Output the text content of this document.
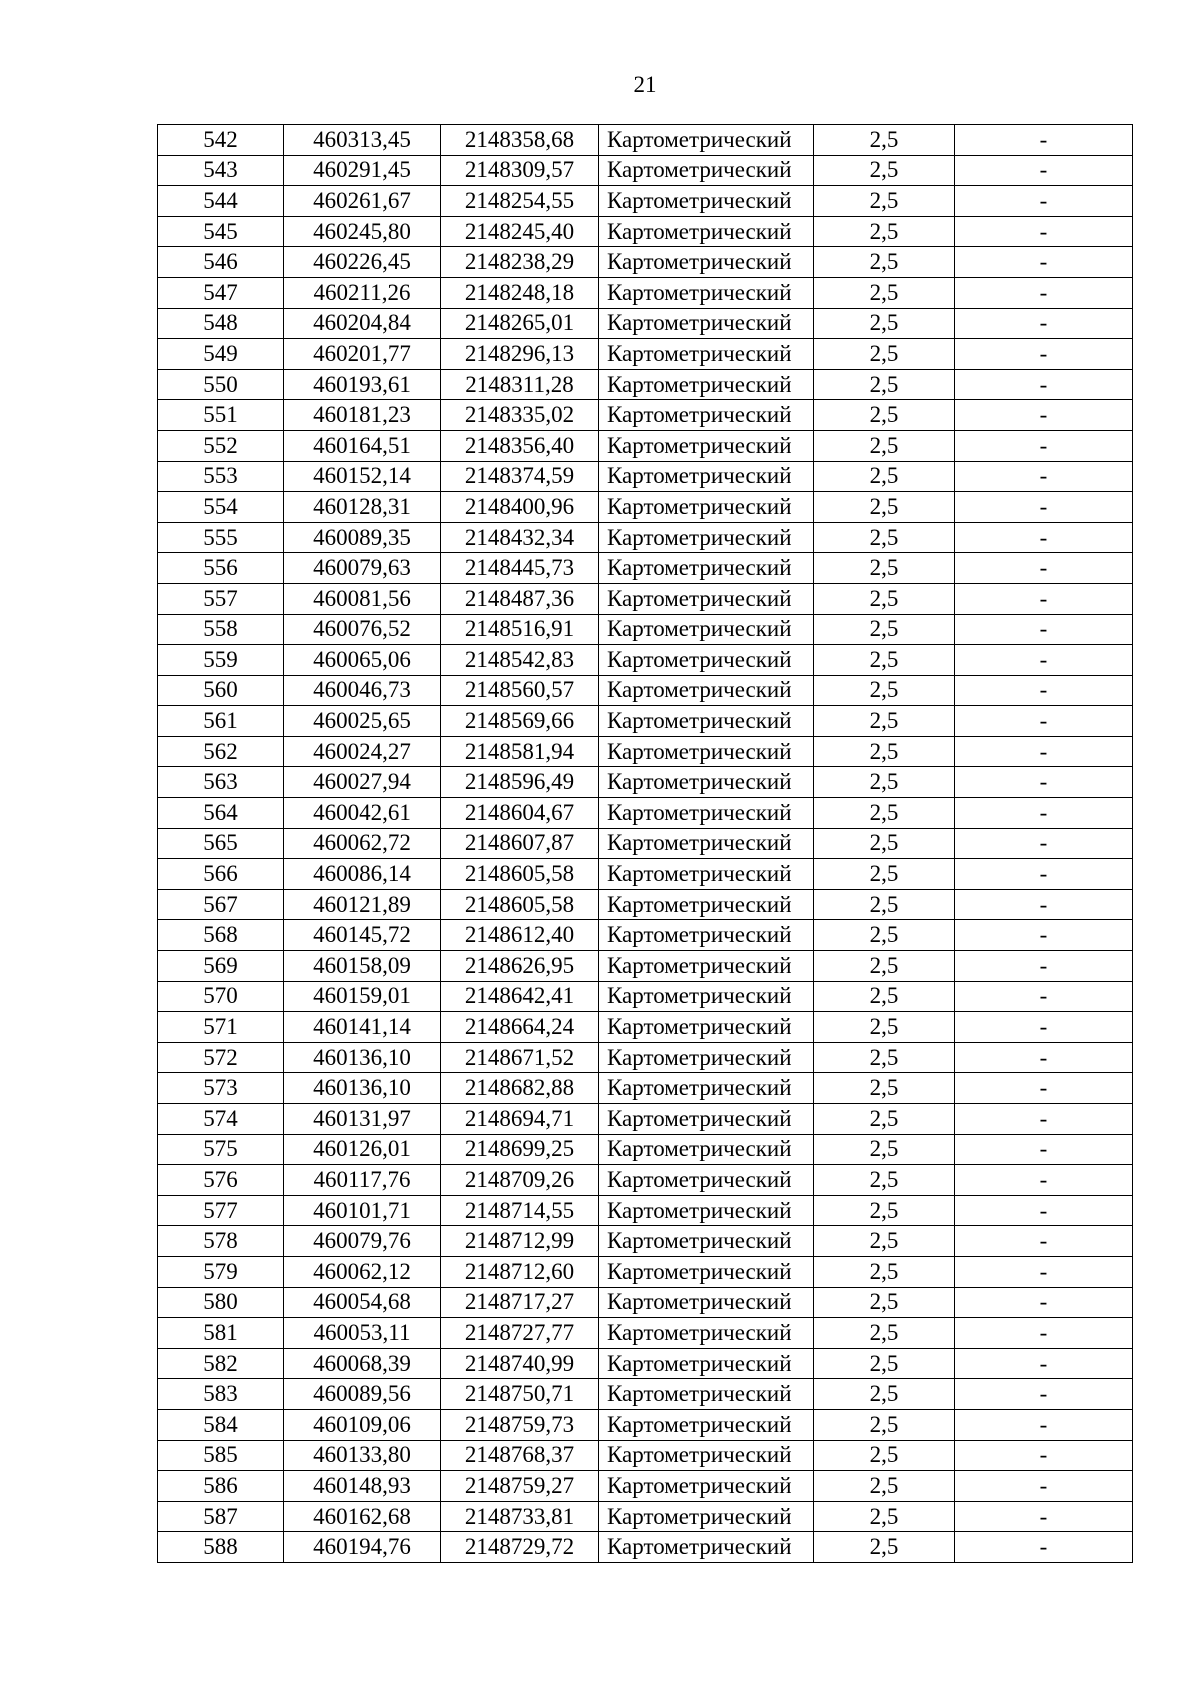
21
542	460313,45	2148358,68	Картометрический	2,5	-
543	460291,45	2148309,57	Картометрический	2,5	-
544	460261,67	2148254,55	Картометрический	2,5	-
545	460245,80	2148245,40	Картометрический	2,5	-
546	460226,45	2148238,29	Картометрический	2,5	-
547	460211,26	2148248,18	Картометрический	2,5	-
548	460204,84	2148265,01	Картометрический	2,5	-
549	460201,77	2148296,13	Картометрический	2,5	-
550	460193,61	2148311,28	Картометрический	2,5	-
551	460181,23	2148335,02	Картометрический	2,5	-
552	460164,51	2148356,40	Картометрический	2,5	-
553	460152,14	2148374,59	Картометрический	2,5	-
554	460128,31	2148400,96	Картометрический	2,5	-
555	460089,35	2148432,34	Картометрический	2,5	-
556	460079,63	2148445,73	Картометрический	2,5	-
557	460081,56	2148487,36	Картометрический	2,5	-
558	460076,52	2148516,91	Картометрический	2,5	-
559	460065,06	2148542,83	Картометрический	2,5	-
560	460046,73	2148560,57	Картометрический	2,5	-
561	460025,65	2148569,66	Картометрический	2,5	-
562	460024,27	2148581,94	Картометрический	2,5	-
563	460027,94	2148596,49	Картометрический	2,5	-
564	460042,61	2148604,67	Картометрический	2,5	-
565	460062,72	2148607,87	Картометрический	2,5	-
566	460086,14	2148605,58	Картометрический	2,5	-
567	460121,89	2148605,58	Картометрический	2,5	-
568	460145,72	2148612,40	Картометрический	2,5	-
569	460158,09	2148626,95	Картометрический	2,5	-
570	460159,01	2148642,41	Картометрический	2,5	-
571	460141,14	2148664,24	Картометрический	2,5	-
572	460136,10	2148671,52	Картометрический	2,5	-
573	460136,10	2148682,88	Картометрический	2,5	-
574	460131,97	2148694,71	Картометрический	2,5	-
575	460126,01	2148699,25	Картометрический	2,5	-
576	460117,76	2148709,26	Картометрический	2,5	-
577	460101,71	2148714,55	Картометрический	2,5	-
578	460079,76	2148712,99	Картометрический	2,5	-
579	460062,12	2148712,60	Картометрический	2,5	-
580	460054,68	2148717,27	Картометрический	2,5	-
581	460053,11	2148727,77	Картометрический	2,5	-
582	460068,39	2148740,99	Картометрический	2,5	-
583	460089,56	2148750,71	Картометрический	2,5	-
584	460109,06	2148759,73	Картометрический	2,5	-
585	460133,80	2148768,37	Картометрический	2,5	-
586	460148,93	2148759,27	Картометрический	2,5	-
587	460162,68	2148733,81	Картометрический	2,5	-
588	460194,76	2148729,72	Картометрический	2,5	-
